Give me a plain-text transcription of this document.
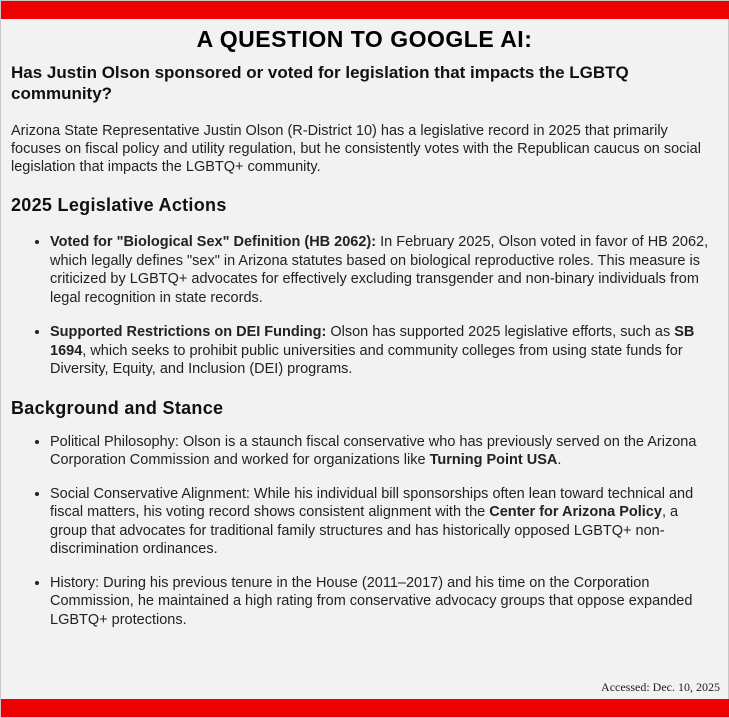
A QUESTION TO GOOGLE AI:
Has Justin Olson sponsored or voted for legislation that impacts the LGBTQ community?

Arizona State Representative Justin Olson (R-District 10) has a legislative record in 2025 that primarily focuses on fiscal policy and utility regulation, but he consistently votes with the Republican caucus on social legislation that impacts the LGBTQ+ community.

2025 Legislative Actions
• Voted for "Biological Sex" Definition (HB 2062): In February 2025, Olson voted in favor of HB 2062, which legally defines "sex" in Arizona statutes based on biological reproductive roles. This measure is criticized by LGBTQ+ advocates for effectively excluding transgender and non-binary individuals from legal recognition in state records.
• Supported Restrictions on DEI Funding: Olson has supported 2025 legislative efforts, such as SB 1694, which seeks to prohibit public universities and community colleges from using state funds for Diversity, Equity, and Inclusion (DEI) programs.
Background and Stance
• Political Philosophy: Olson is a staunch fiscal conservative who has previously served on the Arizona Corporation Commission and worked for organizations like Turning Point USA.
• Social Conservative Alignment: While his individual bill sponsorships often lean toward technical and fiscal matters, his voting record shows consistent alignment with the Center for Arizona Policy, a group that advocates for traditional family structures and has historically opposed LGBTQ+ non-discrimination ordinances.
• History: During his previous tenure in the House (2011–2017) and his time on the Corporation Commission, he maintained a high rating from conservative advocacy groups that oppose expanded LGBTQ+ protections.
Accessed: Dec. 10, 2025
